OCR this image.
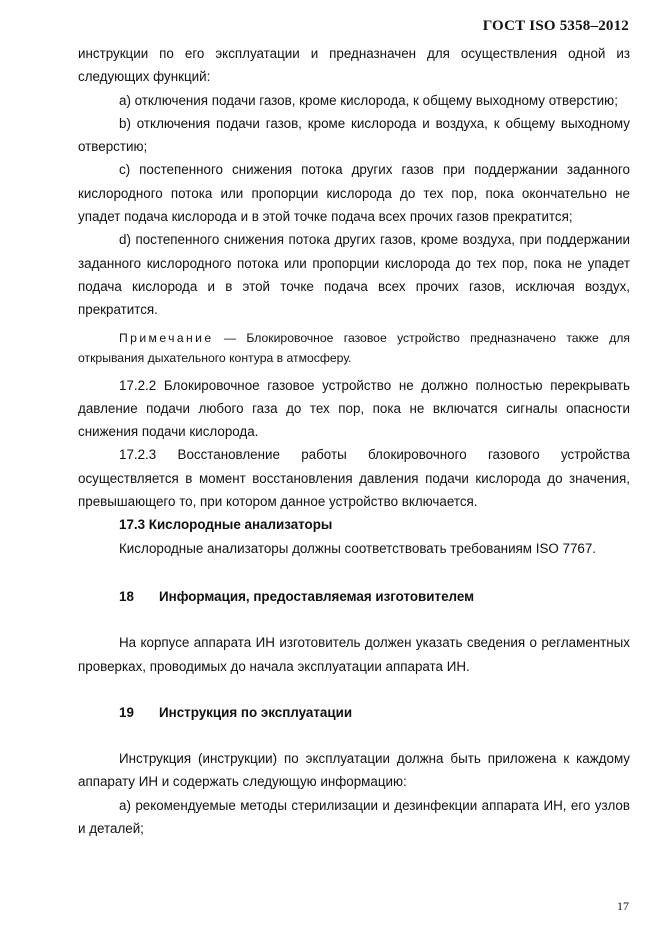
ГОСТ ISO 5358–2012

инструкции по его эксплуатации и предназначен для осуществления одной из следующих функций:

а) отключения подачи газов, кроме кислорода, к общему выходному отверстию;

b) отключения подачи газов, кроме кислорода и воздуха, к общему выходному отверстию;

c) постепенного снижения потока других газов при поддержании заданного кислородного потока или пропорции кислорода до тех пор, пока окончательно не упадет подача кислорода и в этой точке подача всех прочих газов прекратится;

d) постепенного снижения потока других газов, кроме воздуха, при поддержании заданного кислородного потока или пропорции кислорода до тех пор, пока не упадет подача кислорода и в этой точке подача всех прочих газов, исключая воздух, прекратится.

Примечание — Блокировочное газовое устройство предназначено также для открывания дыхательного контура в атмосферу.

17.2.2 Блокировочное газовое устройство не должно полностью перекрывать давление подачи любого газа до тех пор, пока не включатся сигналы опасности снижения подачи кислорода.

17.2.3 Восстановление работы блокировочного газового устройства осуществляется в момент восстановления давления подачи кислорода до значения, превышающего то, при котором данное устройство включается.

17.3 Кислородные анализаторы

Кислородные анализаторы должны соответствовать требованиям ISO 7767.

18 Информация, предоставляемая изготовителем

На корпусе аппарата ИН изготовитель должен указать сведения о регламентных проверках, проводимых до начала эксплуатации аппарата ИН.

19 Инструкция по эксплуатации

Инструкция (инструкции) по эксплуатации должна быть приложена к каждому аппарату ИН и содержать следующую информацию:

а) рекомендуемые методы стерилизации и дезинфекции аппарата ИН, его узлов и деталей;

17
